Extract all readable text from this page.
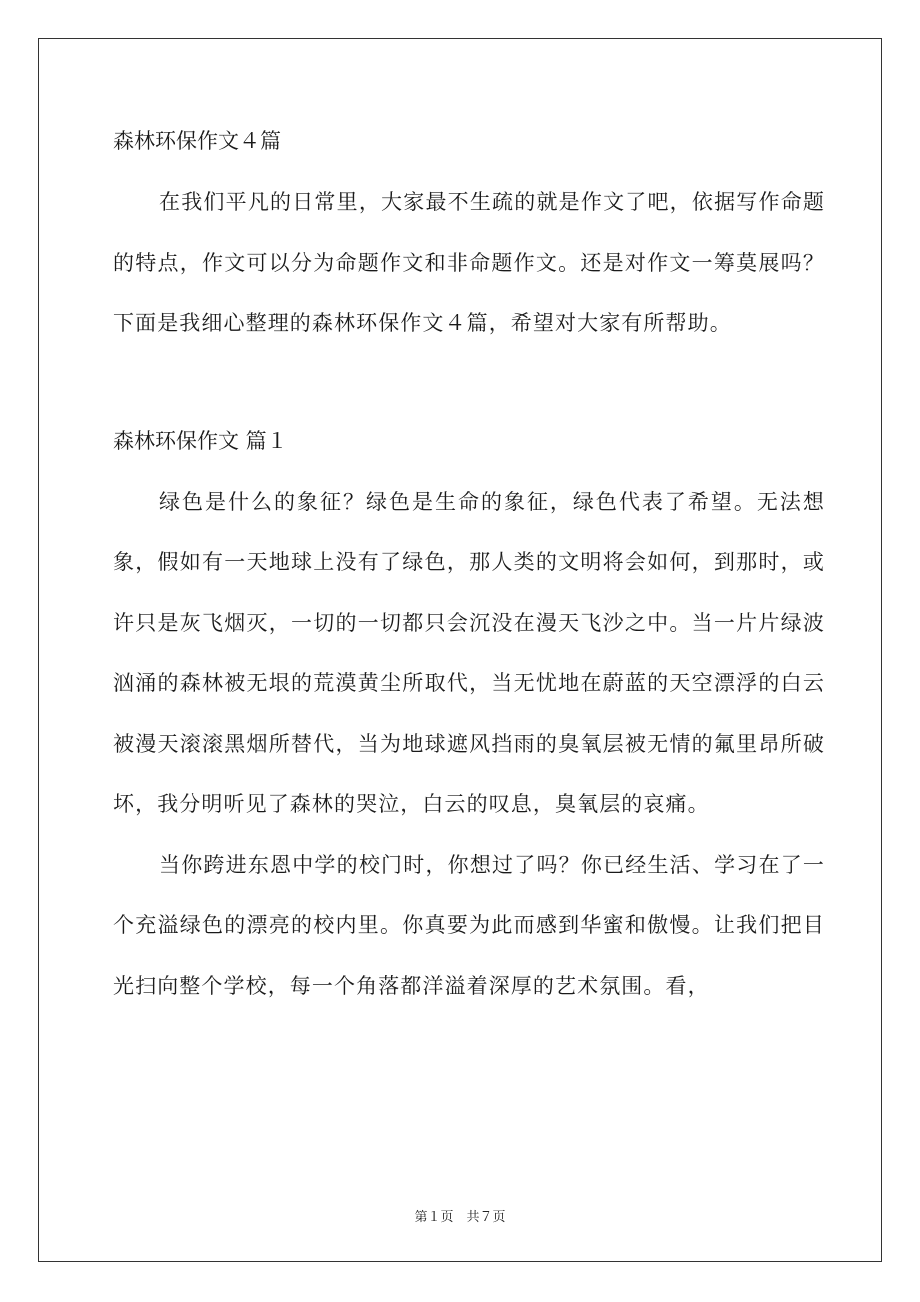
森林环保作文４篇

在我们平凡的日常里，大家最不生疏的就是作文了吧，依据写作命题的特点，作文可以分为命题作文和非命题作文。还是对作文一筹莫展吗？下面是我细心整理的森林环保作文４篇，希望对大家有所帮助。

森林环保作文 篇１

绿色是什么的象征？绿色是生命的象征，绿色代表了希望。无法想象，假如有一天地球上没有了绿色，那人类的文明将会如何，到那时，或许只是灰飞烟灭，一切的一切都只会沉没在漫天飞沙之中。当一片片绿波汹涌的森林被无垠的荒漠黄尘所取代，当无忧地在蔚蓝的天空漂浮的白云被漫天滚滚黑烟所替代，当为地球遮风挡雨的臭氧层被无情的氟里昂所破坏，我分明听见了森林的哭泣，白云的叹息，臭氧层的哀痛。

当你跨进东恩中学的校门时，你想过了吗？你已经生活、学习在了一个充溢绿色的漂亮的校内里。你真要为此而感到华蜜和傲慢。让我们把目光扫向整个学校，每一个角落都洋溢着深厚的艺术氛围。看，

第１页　共７页
